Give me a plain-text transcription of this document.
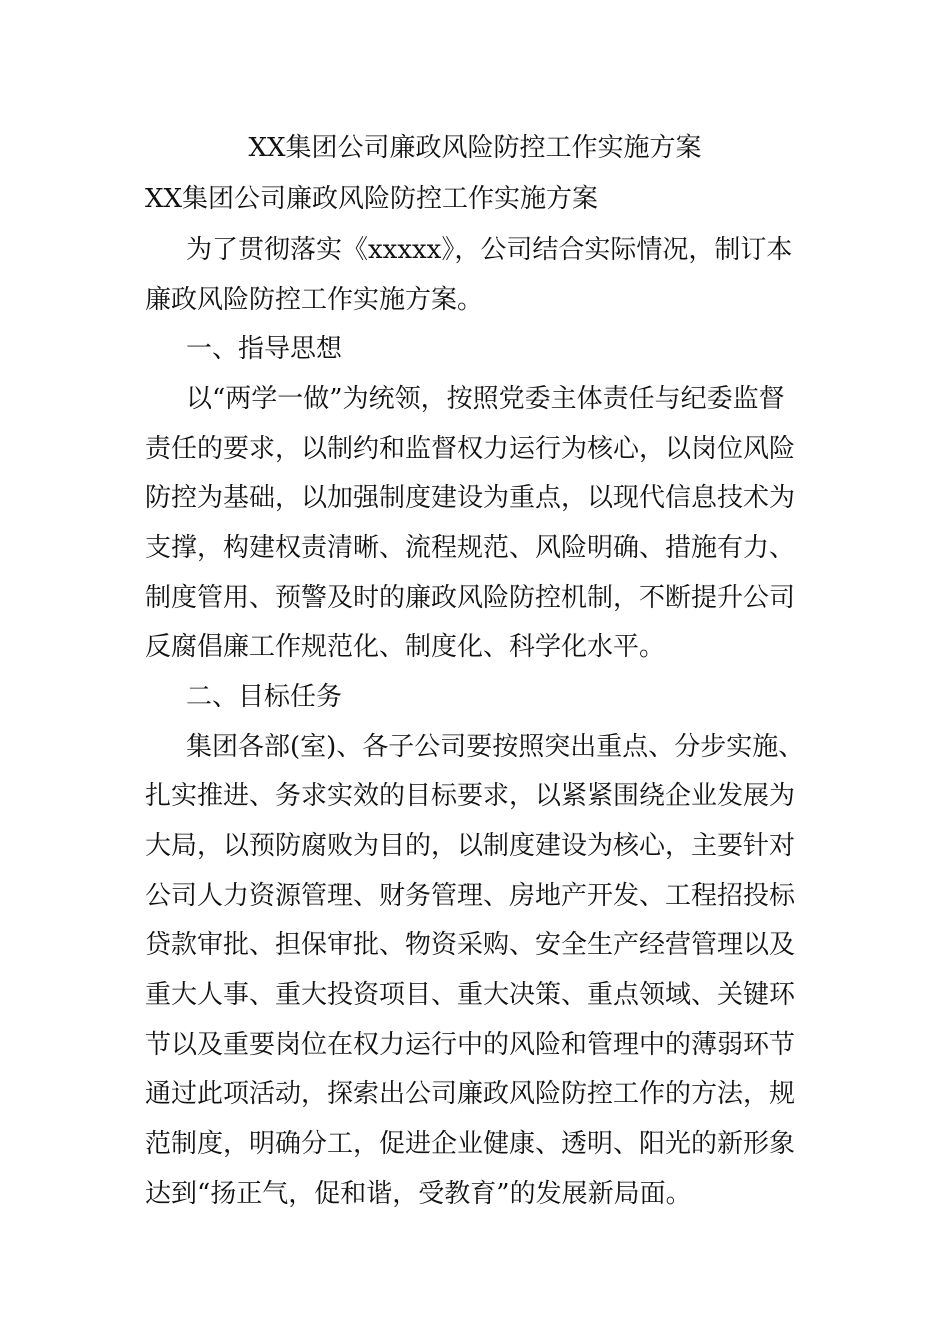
XX集团公司廉政风险防控工作实施方案
XX集团公司廉政风险防控工作实施方案
为了贯彻落实《xxxxx》，公司结合实际情况，制订本
廉政风险防控工作实施方案。
一、指导思想
以“两学一做”为统领，按照党委主体责任与纪委监督
责任的要求，以制约和监督权力运行为核心，以岗位风险
防控为基础，以加强制度建设为重点，以现代信息技术为
支撑，构建权责清晰、流程规范、风险明确、措施有力、
制度管用、预警及时的廉政风险防控机制，不断提升公司
反腐倡廉工作规范化、制度化、科学化水平。
二、目标任务
集团各部(室)、各子公司要按照突出重点、分步实施、
扎实推进、务求实效的目标要求，以紧紧围绕企业发展为
大局，以预防腐败为目的，以制度建设为核心，主要针对
公司人力资源管理、财务管理、房地产开发、工程招投标
贷款审批、担保审批、物资采购、安全生产经营管理以及
重大人事、重大投资项目、重大决策、重点领域、关键环
节以及重要岗位在权力运行中的风险和管理中的薄弱环节
通过此项活动，探索出公司廉政风险防控工作的方法，规
范制度，明确分工，促进企业健康、透明、阳光的新形象
达到“扬正气，促和谐，受教育”的发展新局面。
